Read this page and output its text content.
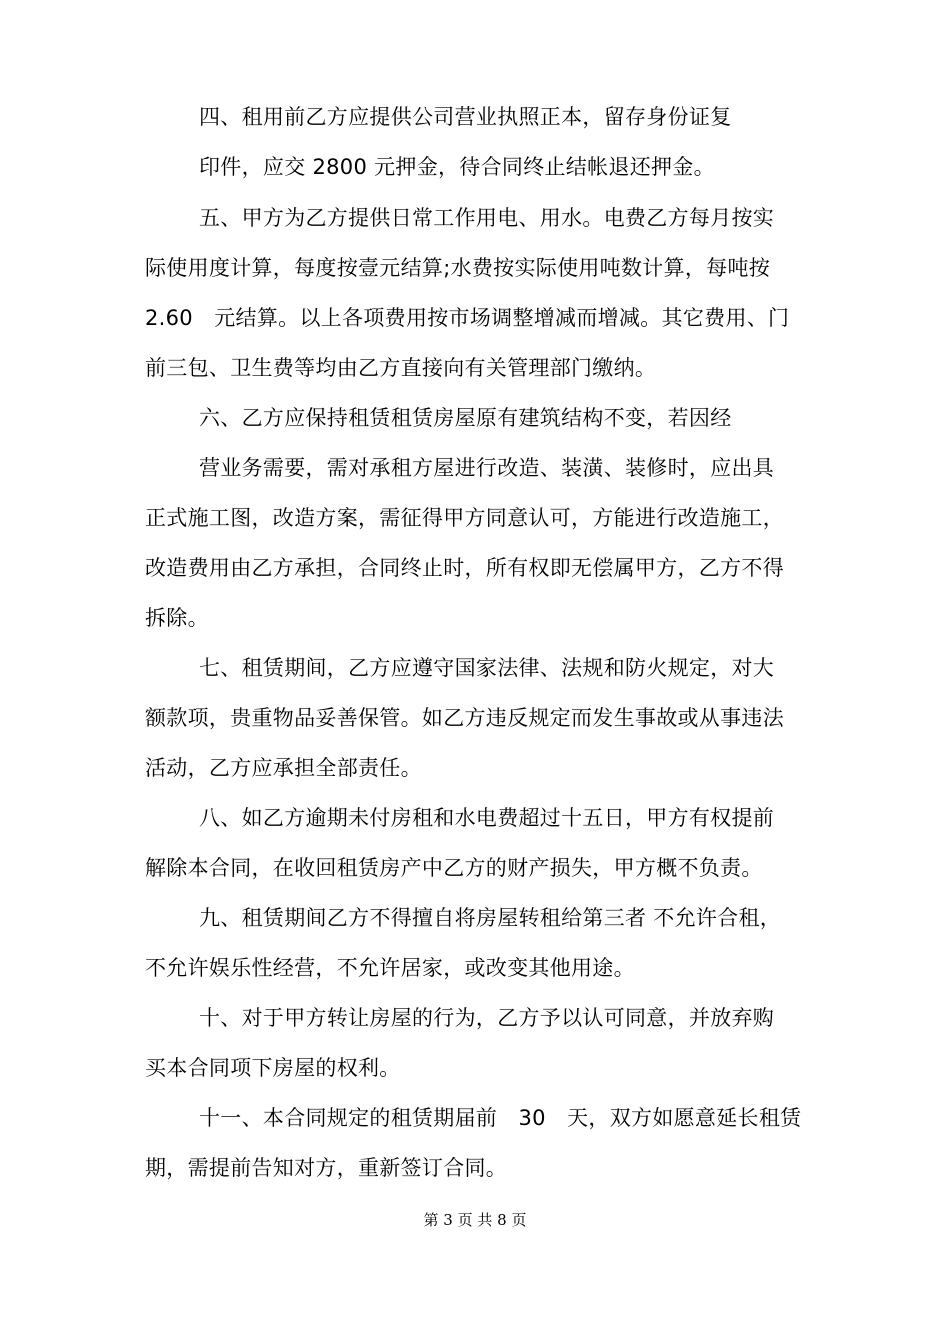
四、租用前乙方应提供公司营业执照正本，留存身份证复
印件，应交 2800 元押金，待合同终止结帐退还押金。
五、甲方为乙方提供日常工作用电、用水。电费乙方每月按实
际使用度计算，每度按壹元结算;水费按实际使用吨数计算，每吨按
2.60　元结算。以上各项费用按市场调整增减而增减。其它费用、门
前三包、卫生费等均由乙方直接向有关管理部门缴纳。
六、乙方应保持租赁租赁房屋原有建筑结构不变，若因经
营业务需要，需对承租方屋进行改造、装潢、装修时，应出具
正式施工图，改造方案，需征得甲方同意认可，方能进行改造施工，
改造费用由乙方承担，合同终止时，所有权即无偿属甲方，乙方不得
拆除。
七、租赁期间，乙方应遵守国家法律、法规和防火规定，对大
额款项，贵重物品妥善保管。如乙方违反规定而发生事故或从事违法
活动，乙方应承担全部责任。
八、如乙方逾期未付房租和水电费超过十五日，甲方有权提前
解除本合同，在收回租赁房产中乙方的财产损失，甲方概不负责。
九、租赁期间乙方不得擅自将房屋转租给第三者 不允许合租，
不允许娱乐性经营，不允许居家，或改变其他用途。
十、对于甲方转让房屋的行为，乙方予以认可同意，并放弃购
买本合同项下房屋的权利。
十一、本合同规定的租赁期届前　30　天，双方如愿意延长租赁
期，需提前告知对方，重新签订合同。
第 3 页 共 8 页
